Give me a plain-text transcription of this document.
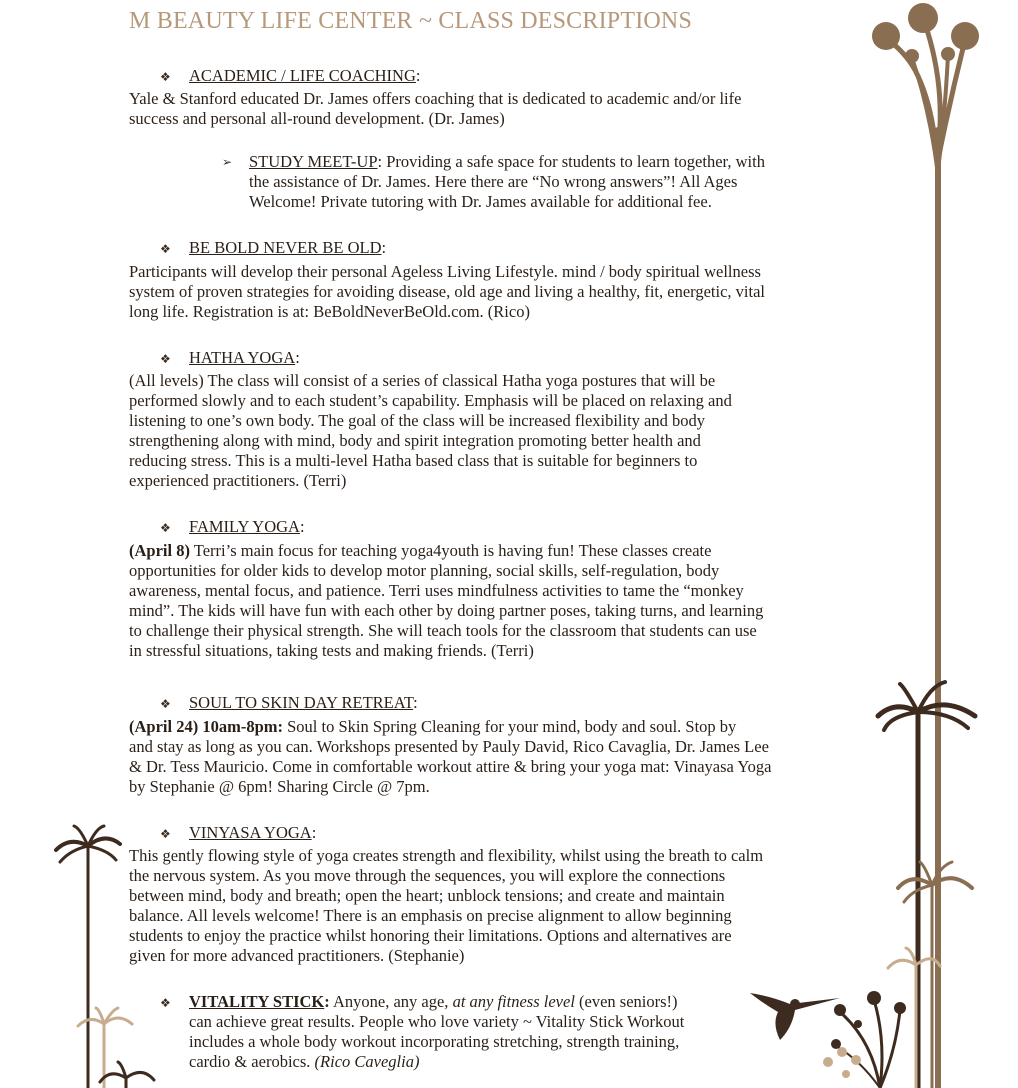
M BEAUTY LIFE CENTER ~ CLASS DESCRIPTIONS
❖ ACADEMIC / LIFE COACHING:
Yale & Stanford educated Dr. James offers coaching that is dedicated to academic and/or life
success and personal all-round development. (Dr. James)
➢ STUDY MEET-UP: Providing a safe space for students to learn together, with
the assistance of Dr. James. Here there are “No wrong answers”! All Ages
Welcome! Private tutoring with Dr. James available for additional fee.
❖ BE BOLD NEVER BE OLD:
Participants will develop their personal Ageless Living Lifestyle. mind / body spiritual wellness
system of proven strategies for avoiding disease, old age and living a healthy, fit, energetic, vital
long life. Registration is at: BeBoldNeverBeOld.com. (Rico)
❖ HATHA YOGA:
(All levels) The class will consist of a series of classical Hatha yoga postures that will be
performed slowly and to each student’s capability. Emphasis will be placed on relaxing and
listening to one’s own body. The goal of the class will be increased flexibility and body
strengthening along with mind, body and spirit integration promoting better health and
reducing stress. This is a multi-level Hatha based class that is suitable for beginners to
experienced practitioners. (Terri)
❖ FAMILY YOGA:
(April 8) Terri’s main focus for teaching yoga4youth is having fun! These classes create
opportunities for older kids to develop motor planning, social skills, self-regulation, body
awareness, mental focus, and patience. Terri uses mindfulness activities to tame the “monkey
mind”. The kids will have fun with each other by doing partner poses, taking turns, and learning
to challenge their physical strength. She will teach tools for the classroom that students can use
in stressful situations, taking tests and making friends. (Terri)
❖ SOUL TO SKIN DAY RETREAT:
(April 24) 10am-8pm: Soul to Skin Spring Cleaning for your mind, body and soul. Stop by
and stay as long as you can. Workshops presented by Pauly David, Rico Cavaglia, Dr. James Lee
& Dr. Tess Mauricio. Come in comfortable workout attire & bring your yoga mat: Vinayasa Yoga
by Stephanie @ 6pm! Sharing Circle @ 7pm.
❖ VINYASA YOGA:
This gently flowing style of yoga creates strength and flexibility, whilst using the breath to calm
the nervous system. As you move through the sequences, you will explore the connections
between mind, body and breath; open the heart; unblock tensions; and create and maintain
balance. All levels welcome! There is an emphasis on precise alignment to allow beginning
students to enjoy the practice whilst honoring their limitations. Options and alternatives are
given for more advanced practitioners. (Stephanie)
❖ VITALITY STICK: Anyone, any age, at any fitness level (even seniors!)
can achieve great results. People who love variety ~ Vitality Stick Workout
includes a whole body workout incorporating stretching, strength training,
cardio & aerobics. (Rico Caveglia)
